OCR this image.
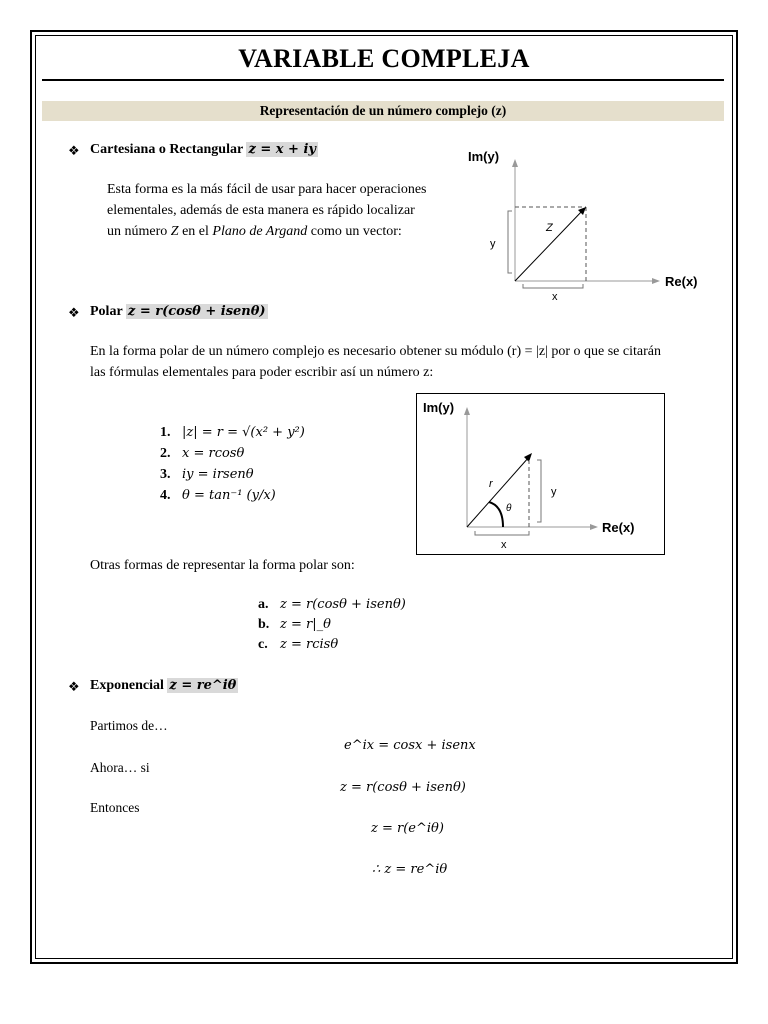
VARIABLE COMPLEJA
Representación de un número complejo (z)
❖ Cartesiana o Rectangular z = x + iy
Esta forma es la más fácil de usar para hacer operaciones
elementales, además de esta manera es rápido localizar
un número Z en el Plano de Argand como un vector:
Im(y)
Re(x)
Z
y
x
❖ Polar z = r(cosθ + isenθ)
En la forma polar de un número complejo es necesario obtener su módulo (r) = |z| por o que se citarán
las fórmulas elementales para poder escribir así un número z:
1. |z| = r = √(x² + y²)
2. x = rcosθ
3. iy = irsenθ
4. θ = tan⁻¹ (y/x)
Im(y)
Re(x)
r
θ
y
x
Otras formas de representar la forma polar son:
a. z = r(cosθ + isenθ)
b. z = r|_θ
c. z = rcisθ
❖ Exponencial z = re^iθ
Partimos de…
e^ix = cosx + isenx
Ahora… si
z = r(cosθ + isenθ)
Entonces
z = r(e^iθ)
∴ z = re^iθ
